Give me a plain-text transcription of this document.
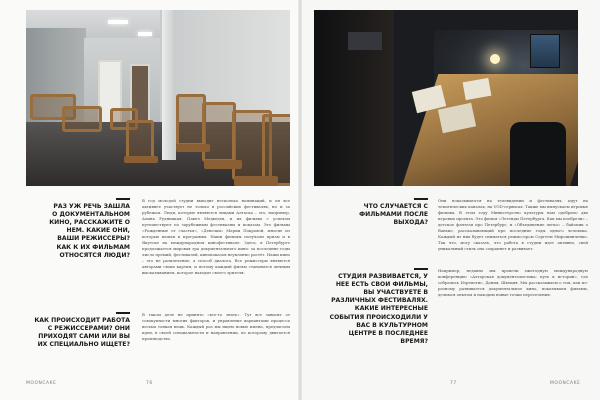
РАЗ УЖ РЕЧЬ ЗАШЛА О ДОКУМЕНТАЛЬНОМ КИНО, РАССКАЖИТЕ О НЕМ. КАКИЕ ОНИ, ВАШИ РЕЖИССЕРЫ? КАК К ИХ ФИЛЬМАМ ОТНОСЯТСЯ ЛЮДИ?

В год молодой студии выходит несколько номинаций, и он все активнее участвует не только в российских фестивалях, но и за рубежом. Люди, которые являются лицами Алтаска – это, например, Алина Рудницкая, Павел Медведев, и их фильмы с успехом путешествуют по зарубежным фестивалям и показам. Это фильмы «Рожденные от счастья», «Девочки» Марии Покровой, многие из которых вошли в программы. Наши фильмы получали призы и в Якутске на международном кинофестивале. Здесь, в Петербурге продолжается мировая эра документального кино: за последние годы число премий, фестивалей, кинопоказов неуклонно растёт. Наши кино – это не развлечение, а способ диалога. Все режиссеры являются авторами своих картин, и потому каждый фильм становится личным высказыванием, которое находит своего зрителя.

КАК ПРОИСХОДИТ РАБОТА С РЕЖИССЕРАМИ? ОНИ ПРИХОДЯТ САМИ ИЛИ ВЫ ИХ СПЕЦИАЛЬНО ИЩЕТЕ?

В таком деле не принято «все-то знать». Тут все зависит от совокупности многих факторов, и управление вариантами процесса весьма тонкая вещь. Каждый раз мы ищем новые имена, предлагаем идеи, в своей специальности и направлении, по которому двигается производство.

MOONCAKE	76
ЧТО СЛУЧАЕТСЯ С ФИЛЬМАМИ ПОСЛЕ ВЫХОДА?

Они показываются на телевидении и фестивалях, идут на тематических каналах, на VOD-сервисах. Также мы выпускаем игровые фильмы. В этом году Министерство культуры нам одобрило два игровых проекта. Это фильм «Легенды Петербурга. Как мы изобрели» – детское фэнтези про Петербург, и «Объединение легко» – байопик о Ваньке, рассказывающий про последние годы одного человека. Каждый из них будет сниматься режиссером Сергеем Мирошниченко. Так что, могу сказать, что работа в студии идет активно, свой уникальный стиль она сохраняет и развивает.

СТУДИЯ РАЗВИВАЕТСЯ, У НЕЕ ЕСТЬ СВОИ ФИЛЬМЫ, ВЫ УЧАСТВУЕТЕ В РАЗЛИЧНЫХ ФЕСТИВАЛЯХ. КАКИЕ ИНТЕРЕСНЫЕ СОБЫТИЯ ПРОИСХОДИЛИ У ВАС В КУЛЬТУРНОМ ЦЕНТРЕ В ПОСЛЕДНЕЕ ВРЕМЯ?

Например, недавно мы провели ежегодную международную конференцию «Алтарская документалистика: путь в истории», где собрались Изрепетис, Дания, Швеция. Мы рассказываем о том, как по-разному развивается документальное кино, показываем фильмы, делимся опытом и находим новые точки пересечения.

77	MOONCAKE
